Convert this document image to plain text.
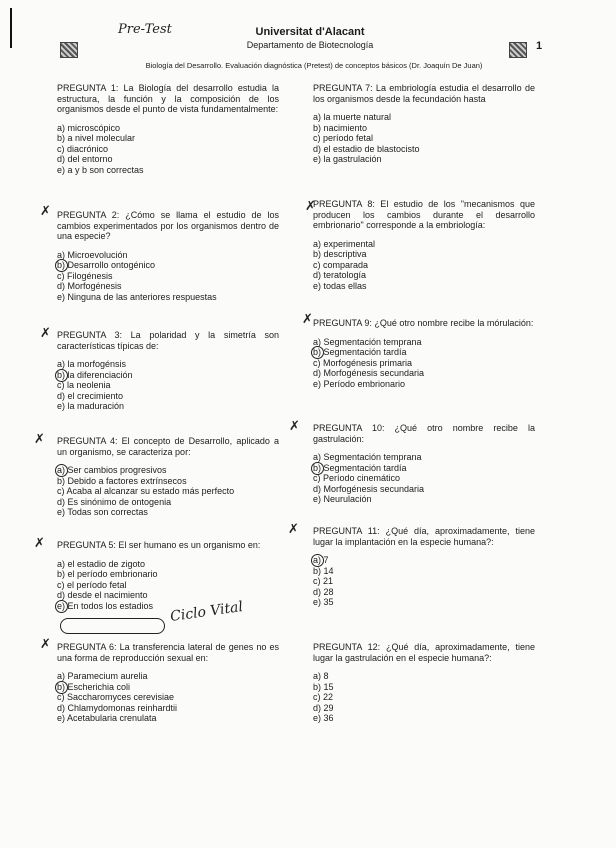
Pre-Test	Universitat d'Alacant
Departamento de Biotecnología	1
Biología del Desarrollo. Evaluación diagnóstica (Pretest) de conceptos básicos (Dr. Joaquín De Juan)
PREGUNTA 1: La Biología del desarrollo estudia la estructura, la función y la composición de los organismos desde el punto de vista fundamentalmente:
a) microscópico
b) a nivel molecular
c) diacrónico
d) del entorno
e) a y b son correctas
PREGUNTA 2: ¿Cómo se llama el estudio de los cambios experimentados por los organismos dentro de una especie?
a) Microevolución
b) Desarrollo ontogénico
c) Filogénesis
d) Morfogénesis
e) Ninguna de las anteriores respuestas
PREGUNTA 3: La polaridad y la simetría son características típicas de:
a) la morfogénsis
b) la diferenciación
c) la neolenia
d) el crecimiento
e) la maduración
PREGUNTA 4: El concepto de Desarrollo, aplicado a un organismo, se caracteriza por:
a) Ser cambios progresivos
b) Debido a factores extrínsecos
c) Acaba al alcanzar su estado más perfecto
d) Es sinónimo de ontogenia
e) Todas son correctas
PREGUNTA 5: El ser humano es un organismo en:
a) el estadio de zigoto
b) el período embrionario
c) el período fetal
d) desde el nacimiento
e) En todos los estadios
PREGUNTA 6: La transferencia lateral de genes no es una forma de reproducción sexual en:
a) Paramecium aurelia
b) Escherichia coli
c) Saccharomyces cerevisiae
d) Chlamydomonas reinhardtii
e) Acetabularia crenulata
PREGUNTA 7: La embriología estudia el desarrollo de los organismos desde la fecundación hasta
a) la muerte natural
b) nacimiento
c) período fetal
d) el estadio de blastocisto
e) la gastrulación
PREGUNTA 8: El estudio de los "mecanismos que producen los cambios durante el desarrollo embrionario" corresponde a la embriología:
a) experimental
b) descriptiva
c) comparada
d) teratología
e) todas ellas
PREGUNTA 9: ¿Qué otro nombre recibe la mórulación:
a) Segmentación temprana
b) Segmentación tardía
c) Morfogénesis primaria
d) Morfogénesis secundaria
e) Período embrionario
PREGUNTA 10: ¿Qué otro nombre recibe la gastrulación:
a) Segmentación temprana
b) Segmentación tardía
c) Período cinemático
d) Morfogénesis secundaria
e) Neurulación
PREGUNTA 11: ¿Qué día, aproximadamente, tiene lugar la implantación en la especie humana?:
a) 7
b) 14
c) 21
d) 28
e) 35
PREGUNTA 12: ¿Qué día, aproximadamente, tiene lugar la gastrulación en el especie humana?:
a) 8
b) 15
c) 22
d) 29
e) 36
✗
✗
✗
✗
✗
✗
✗
✗
✗
Ciclo Vital
